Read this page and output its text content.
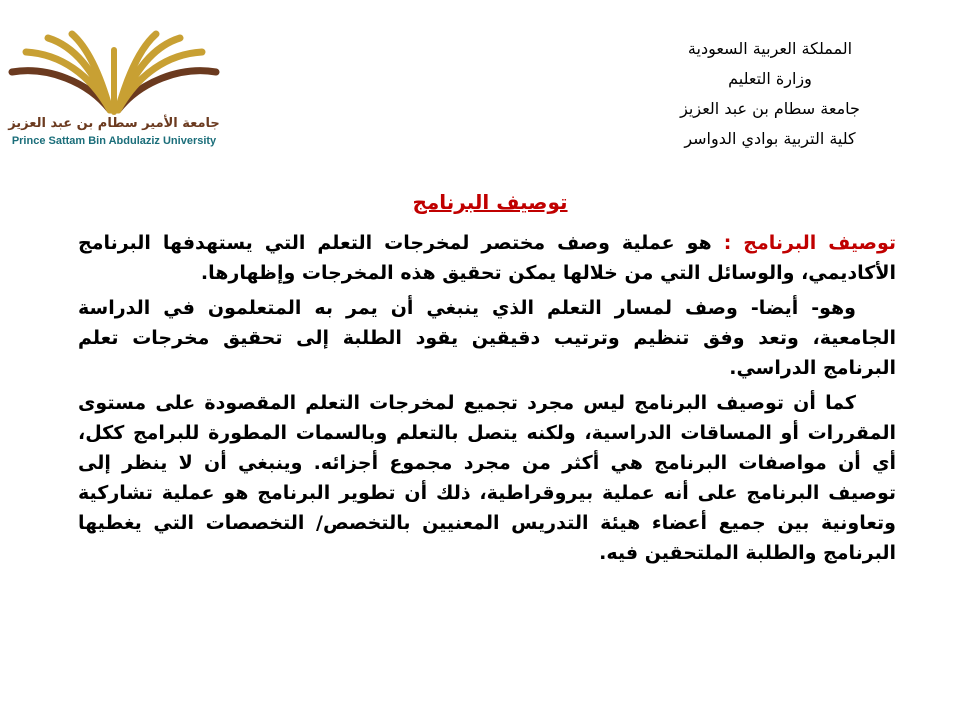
جامعة الأمير سطام بن عبد العزيز
Prince Sattam Bin Abdulaziz University
المملكة العربية السعودية
وزارة التعليم
جامعة سطام بن عبد العزيز
كلية التربية بوادي الدواسر
توصيف البرنامج

توصيف البرنامج : هو عملية وصف مختصر لمخرجات التعلم التي يستهدفها البرنامج الأكاديمي، والوسائل التي من خلالها يمكن تحقيق هذه المخرجات وإظهارها.

وهو- أيضا- وصف لمسار التعلم الذي ينبغي أن يمر به المتعلمون في الدراسة الجامعية، وتعد وفق تنظيم وترتيب دقيقين يقود الطلبة إلى تحقيق مخرجات تعلم البرنامج الدراسي.

كما أن توصيف البرنامج ليس مجرد تجميع لمخرجات التعلم المقصودة على مستوى المقررات أو المساقات الدراسية، ولكنه يتصل بالتعلم وبالسمات المطورة للبرامج ككل، أي أن مواصفات البرنامج هي أكثر من مجرد مجموع أجزائه. وينبغي أن لا ينظر إلى توصيف البرنامج على أنه عملية بيروقراطية، ذلك أن تطوير البرنامج هو عملية تشاركية وتعاونية بين جميع أعضاء هيئة التدريس المعنيين بالتخصص/ التخصصات التي يغطيها البرنامج والطلبة الملتحقين فيه.
